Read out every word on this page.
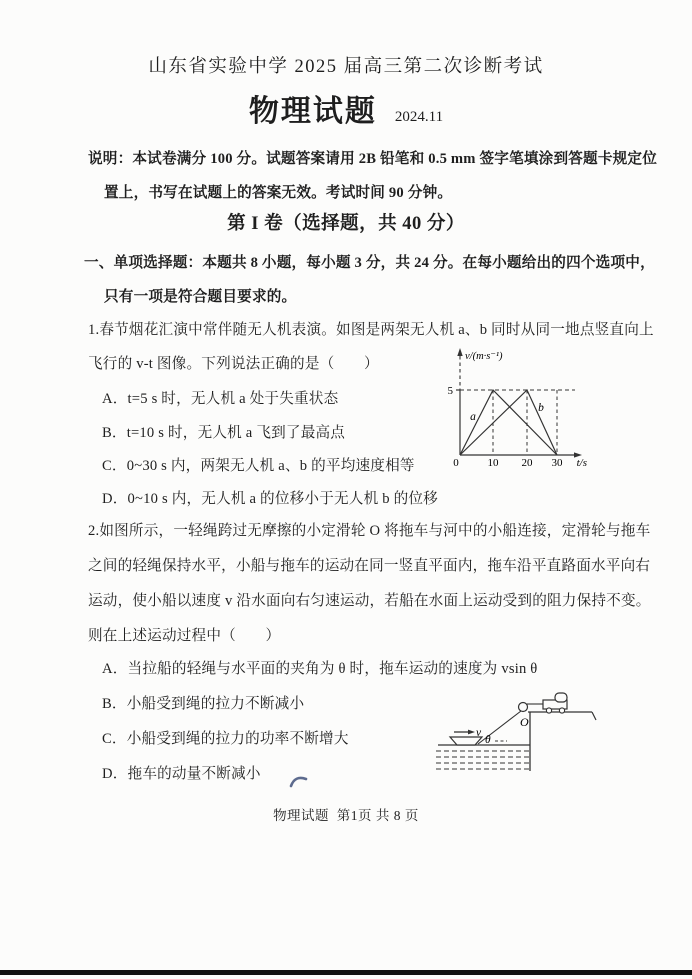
山东省实验中学 2025 届高三第二次诊断考试
物理试题 2024.11
说明：本试卷满分 100 分。试题答案请用 2B 铅笔和 0.5 mm 签字笔填涂到答题卡规定位
置上，书写在试题上的答案无效。考试时间 90 分钟。
第 I 卷（选择题，共 40 分）
一、单项选择题：本题共 8 小题，每小题 3 分，共 24 分。在每小题给出的四个选项中，
只有一项是符合题目要求的。
1.春节烟花汇演中常伴随无人机表演。如图是两架无人机 a、b 同时从同一地点竖直向上
飞行的 v-t 图像。下列说法正确的是（　　）
A．t=5 s 时，无人机 a 处于失重状态
B．t=10 s 时，无人机 a 飞到了最高点
C．0~30 s 内，两架无人机 a、b 的平均速度相等
D．0~10 s 内，无人机 a 的位移小于无人机 b 的位移
v/(m·s⁻¹)
5
0	10 20 30 t/s
a
b
2.如图所示，一轻绳跨过无摩擦的小定滑轮 O 将拖车与河中的小船连接，定滑轮与拖车
之间的轻绳保持水平，小船与拖车的运动在同一竖直平面内，拖车沿平直路面水平向右
运动，使小船以速度 v 沿水面向右匀速运动，若船在水面上运动受到的阻力保持不变。
则在上述运动过程中（　　）
A．当拉船的轻绳与水平面的夹角为 θ 时，拖车运动的速度为 vsin θ
B．小船受到绳的拉力不断减小
C．小船受到绳的拉力的功率不断增大
D．拖车的动量不断减小
O
v
θ
物理试题  第1页 共 8 页
